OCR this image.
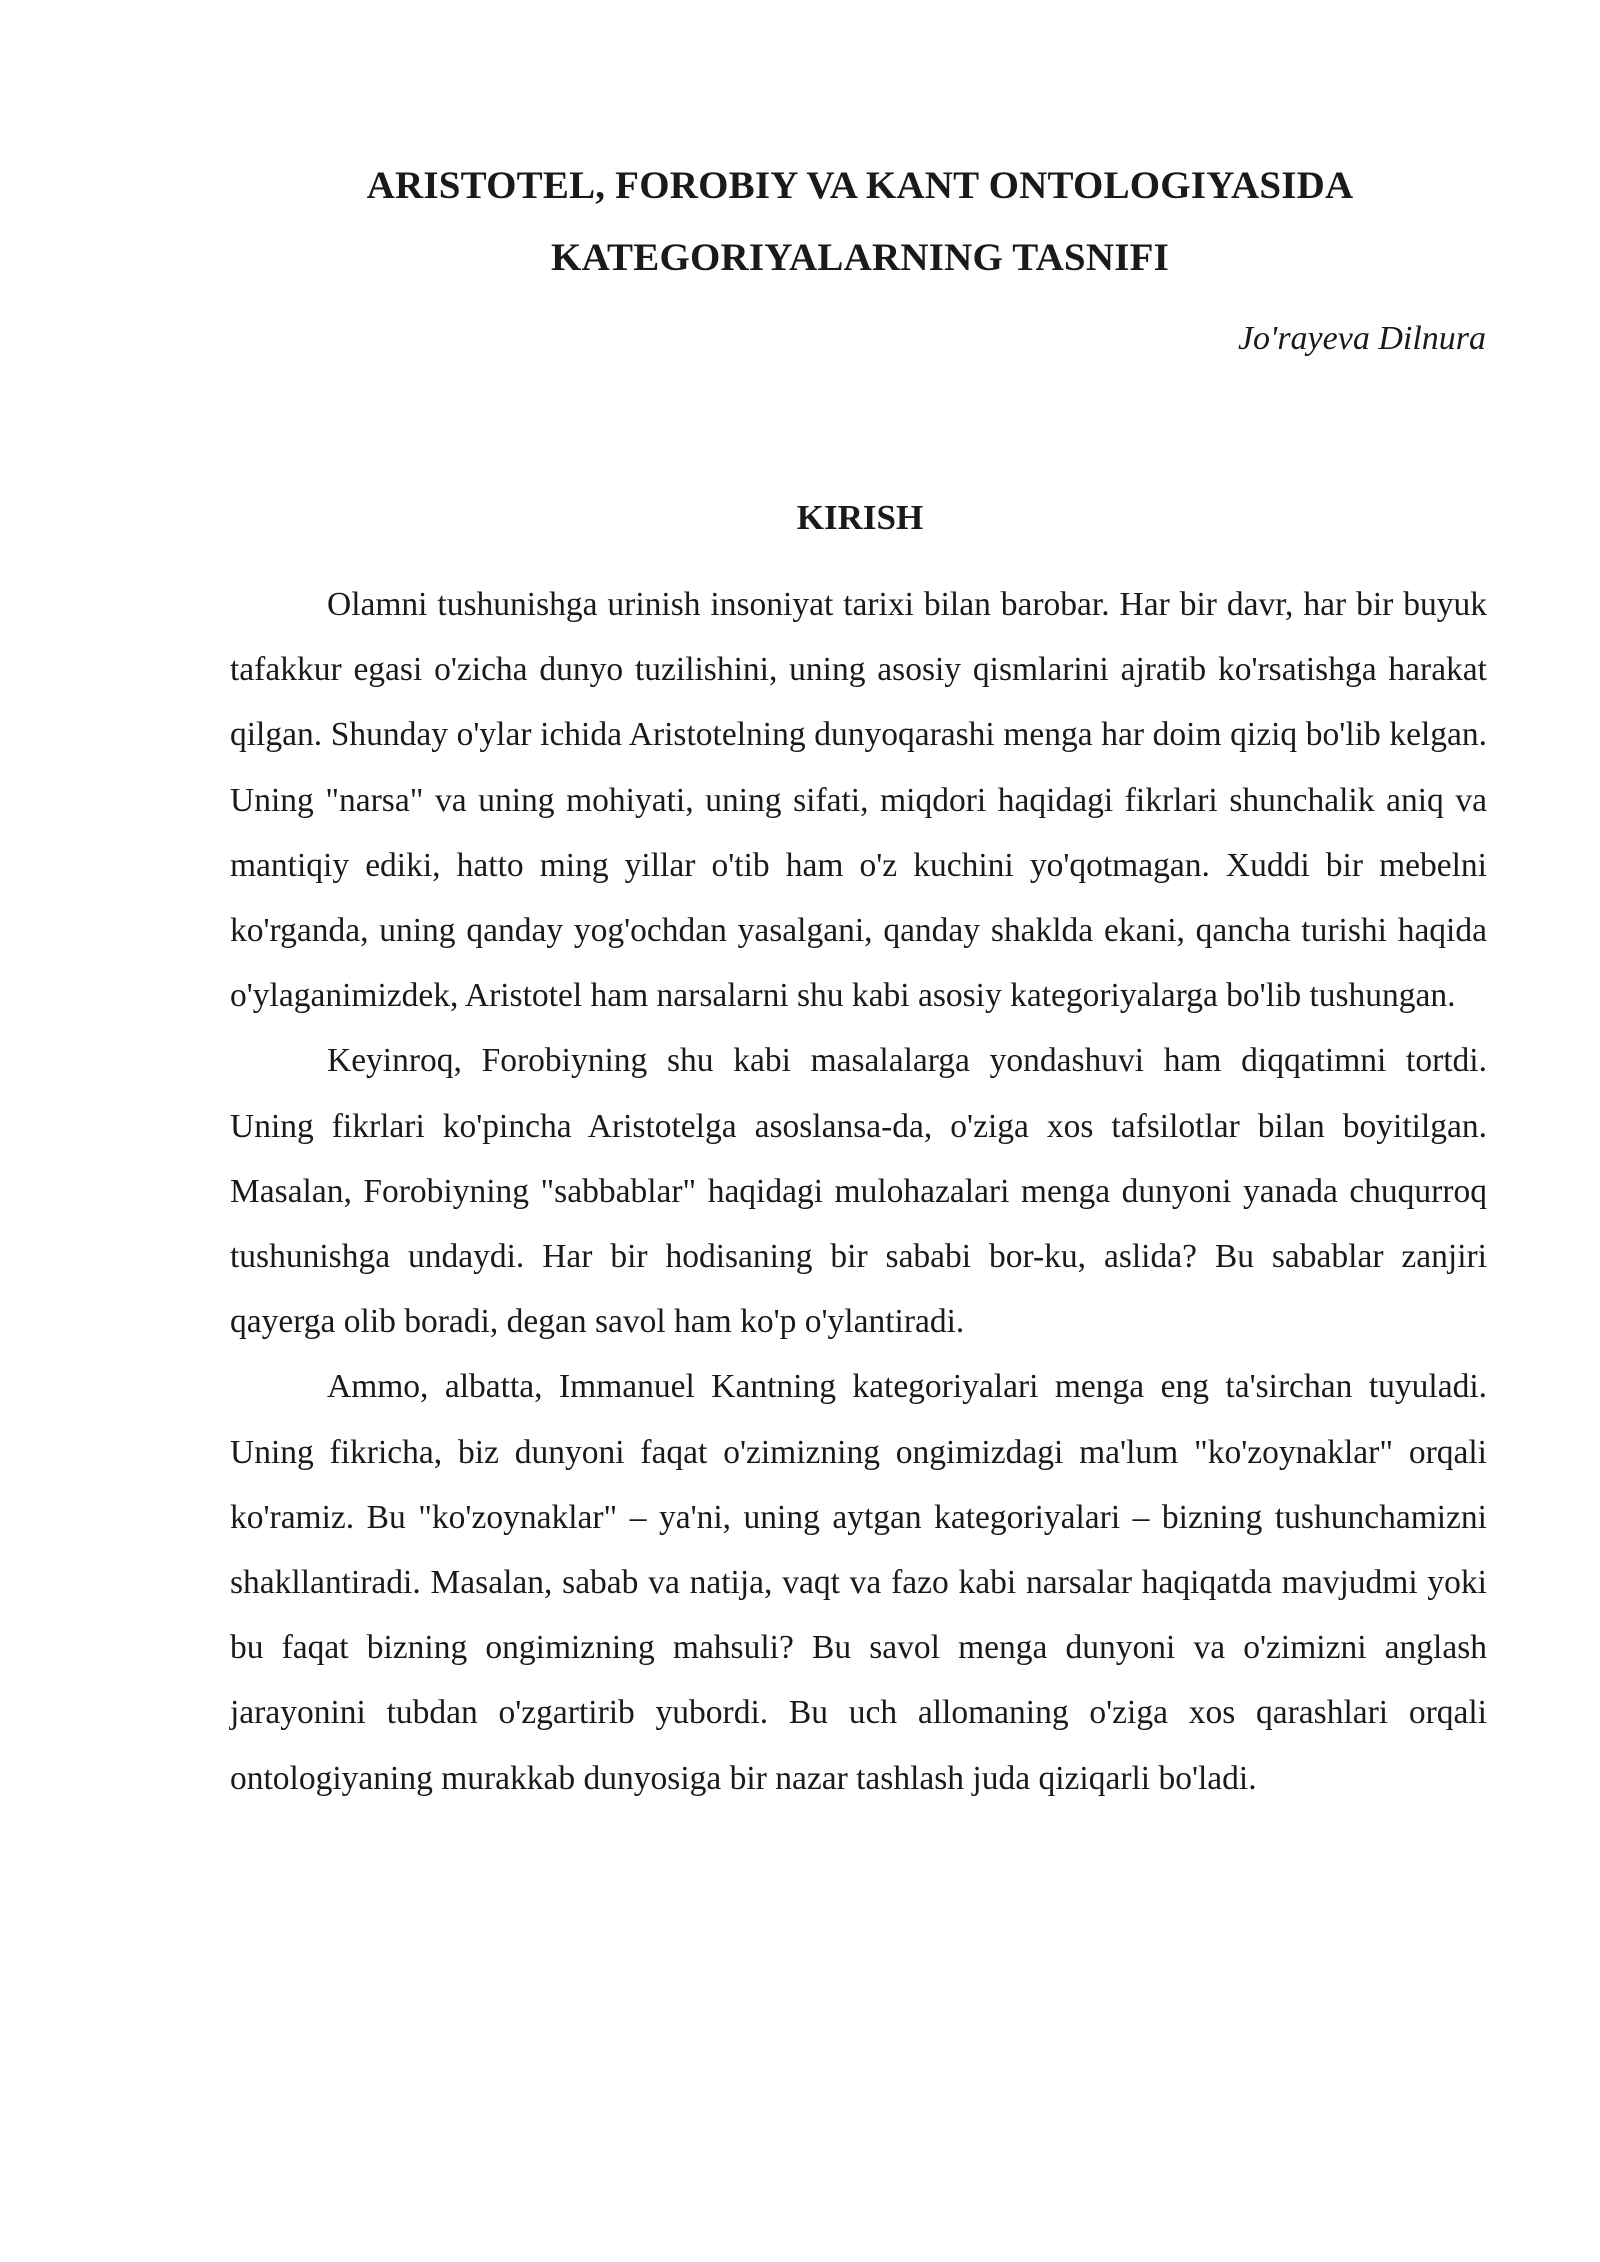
ARISTOTEL, FOROBIY VA KANT ONTOLOGIYASIDA
KATEGORIYALARNING TASNIFI

Jo'rayeva Dilnura

KIRISH

Olamni tushunishga urinish insoniyat tarixi bilan barobar. Har bir davr, har bir buyuk tafakkur egasi o'zicha dunyo tuzilishini, uning asosiy qismlarini ajratib ko'rsatishga harakat qilgan. Shunday o'ylar ichida Aristotelning dunyoqarashi menga har doim qiziq bo'lib kelgan. Uning "narsa" va uning mohiyati, uning sifati, miqdori haqidagi fikrlari shunchalik aniq va mantiqiy ediki, hatto ming yillar o'tib ham o'z kuchini yo'qotmagan. Xuddi bir mebelni ko'rganda, uning qanday yog'ochdan yasalgani, qanday shaklda ekani, qancha turishi haqida o'ylaganimizdek, Aristotel ham narsalarni shu kabi asosiy kategoriyalarga bo'lib tushungan.

Keyinroq, Forobiyning shu kabi masalalarga yondashuvi ham diqqatimni tortdi. Uning fikrlari ko'pincha Aristotelga asoslansa-da, o'ziga xos tafsilotlar bilan boyitilgan. Masalan, Forobiyning "sabbablar" haqidagi mulohazalari menga dunyoni yanada chuqurroq tushunishga undaydi. Har bir hodisaning bir sababi bor-ku, aslida? Bu sabablar zanjiri qayerga olib boradi, degan savol ham ko'p o'ylantiradi.

Ammo, albatta, Immanuel Kantning kategoriyalari menga eng ta'sirchan tuyuladi. Uning fikricha, biz dunyoni faqat o'zimizning ongimizdagi ma'lum "ko'zoynaklar" orqali ko'ramiz. Bu "ko'zoynaklar" – ya'ni, uning aytgan kategoriyalari – bizning tushunchamizni shakllantiradi. Masalan, sabab va natija, vaqt va fazo kabi narsalar haqiqatda mavjudmi yoki bu faqat bizning ongimizning mahsuli? Bu savol menga dunyoni va o'zimizni anglash jarayonini tubdan o'zgartirib yubordi. Bu uch allomaning o'ziga xos qarashlari orqali ontologiyaning murakkab dunyosiga bir nazar tashlash juda qiziqarli bo'ladi.
